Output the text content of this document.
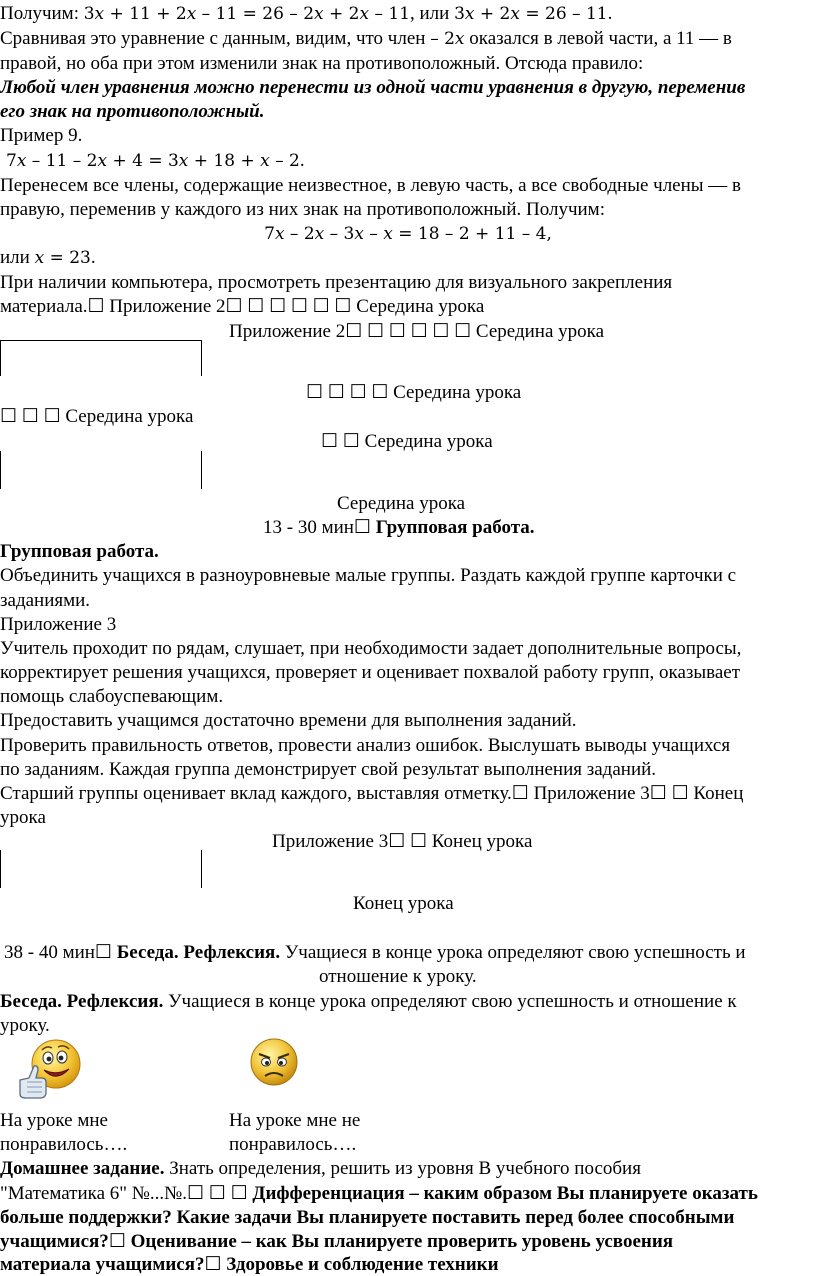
Получим: 3𝑥 + 11 + 2𝑥 – 11 = 26 – 2𝑥 + 2𝑥 – 11, или 3𝑥 + 2𝑥 = 26 – 11.
Сравнивая это уравнение с данным, видим, что член – 2𝑥 оказался в левой части, а 11 — в
правой, но оба при этом изменили знак на противоположный. Отсюда правило:
Любой член уравнения можно перенести из одной части уравнения в другую, переменив
его знак на противоположный.
Пример 9.
7𝑥 – 11 – 2𝑥 + 4 = 3𝑥 + 18 + 𝑥 – 2.
Перенесем все члены, содержащие неизвестное, в левую часть, а все свободные члены — в
правую, переменив у каждого из них знак на противоположный. Получим:
7𝑥 – 2𝑥 – 3𝑥 – 𝑥 = 18 – 2 + 11 – 4,
или 𝑥 = 23.
При наличии компьютера, просмотреть презентацию для визуального закрепления
материала.☐ Приложение 2☐ ☐ ☐ ☐ ☐ ☐ Середина урока
Приложение 2☐ ☐ ☐ ☐ ☐ ☐ Середина урока
☐ ☐ ☐ ☐ Середина урока
☐ ☐ ☐ Середина урока
☐ ☐ Середина урока
Середина урока
13 - 30 мин☐ Групповая работа.
Групповая работа.
Объединить учащихся в разноуровневые малые группы. Раздать каждой группе карточки с
заданиями.
Приложение 3
Учитель проходит по рядам, слушает, при необходимости задает дополнительные вопросы,
корректирует решения учащихся, проверяет и оценивает похвалой работу групп, оказывает
помощь слабоуспевающим.
Предоставить учащимся достаточно времени для выполнения заданий.
Проверить правильность ответов, провести анализ ошибок. Выслушать выводы учащихся
по заданиям. Каждая группа демонстрирует свой результат выполнения заданий.
Старший группы оценивает вклад каждого, выставляя отметку.☐ Приложение 3☐ ☐ Конец
урока
Приложение 3☐ ☐ Конец урока
Конец урока
38 - 40 мин☐ Беседа. Рефлексия. Учащиеся в конце урока определяют свою успешность и
отношение к уроку.
Беседа. Рефлексия. Учащиеся в конце урока определяют свою успешность и отношение к
уроку.
На уроке мне
понравилось….
На уроке мне не
понравилось….
Домашнее задание. Знать определения, решить из уровня В учебного пособия
"Математика 6" №...№.☐ ☐ ☐ Дифференциация – каким образом Вы планируете оказать
больше поддержки? Какие задачи Вы планируете поставить перед более способными
учащимися?☐ Оценивание – как Вы планируете проверить уровень усвоения
материала учащимися?☐ Здоровье и соблюдение техники
